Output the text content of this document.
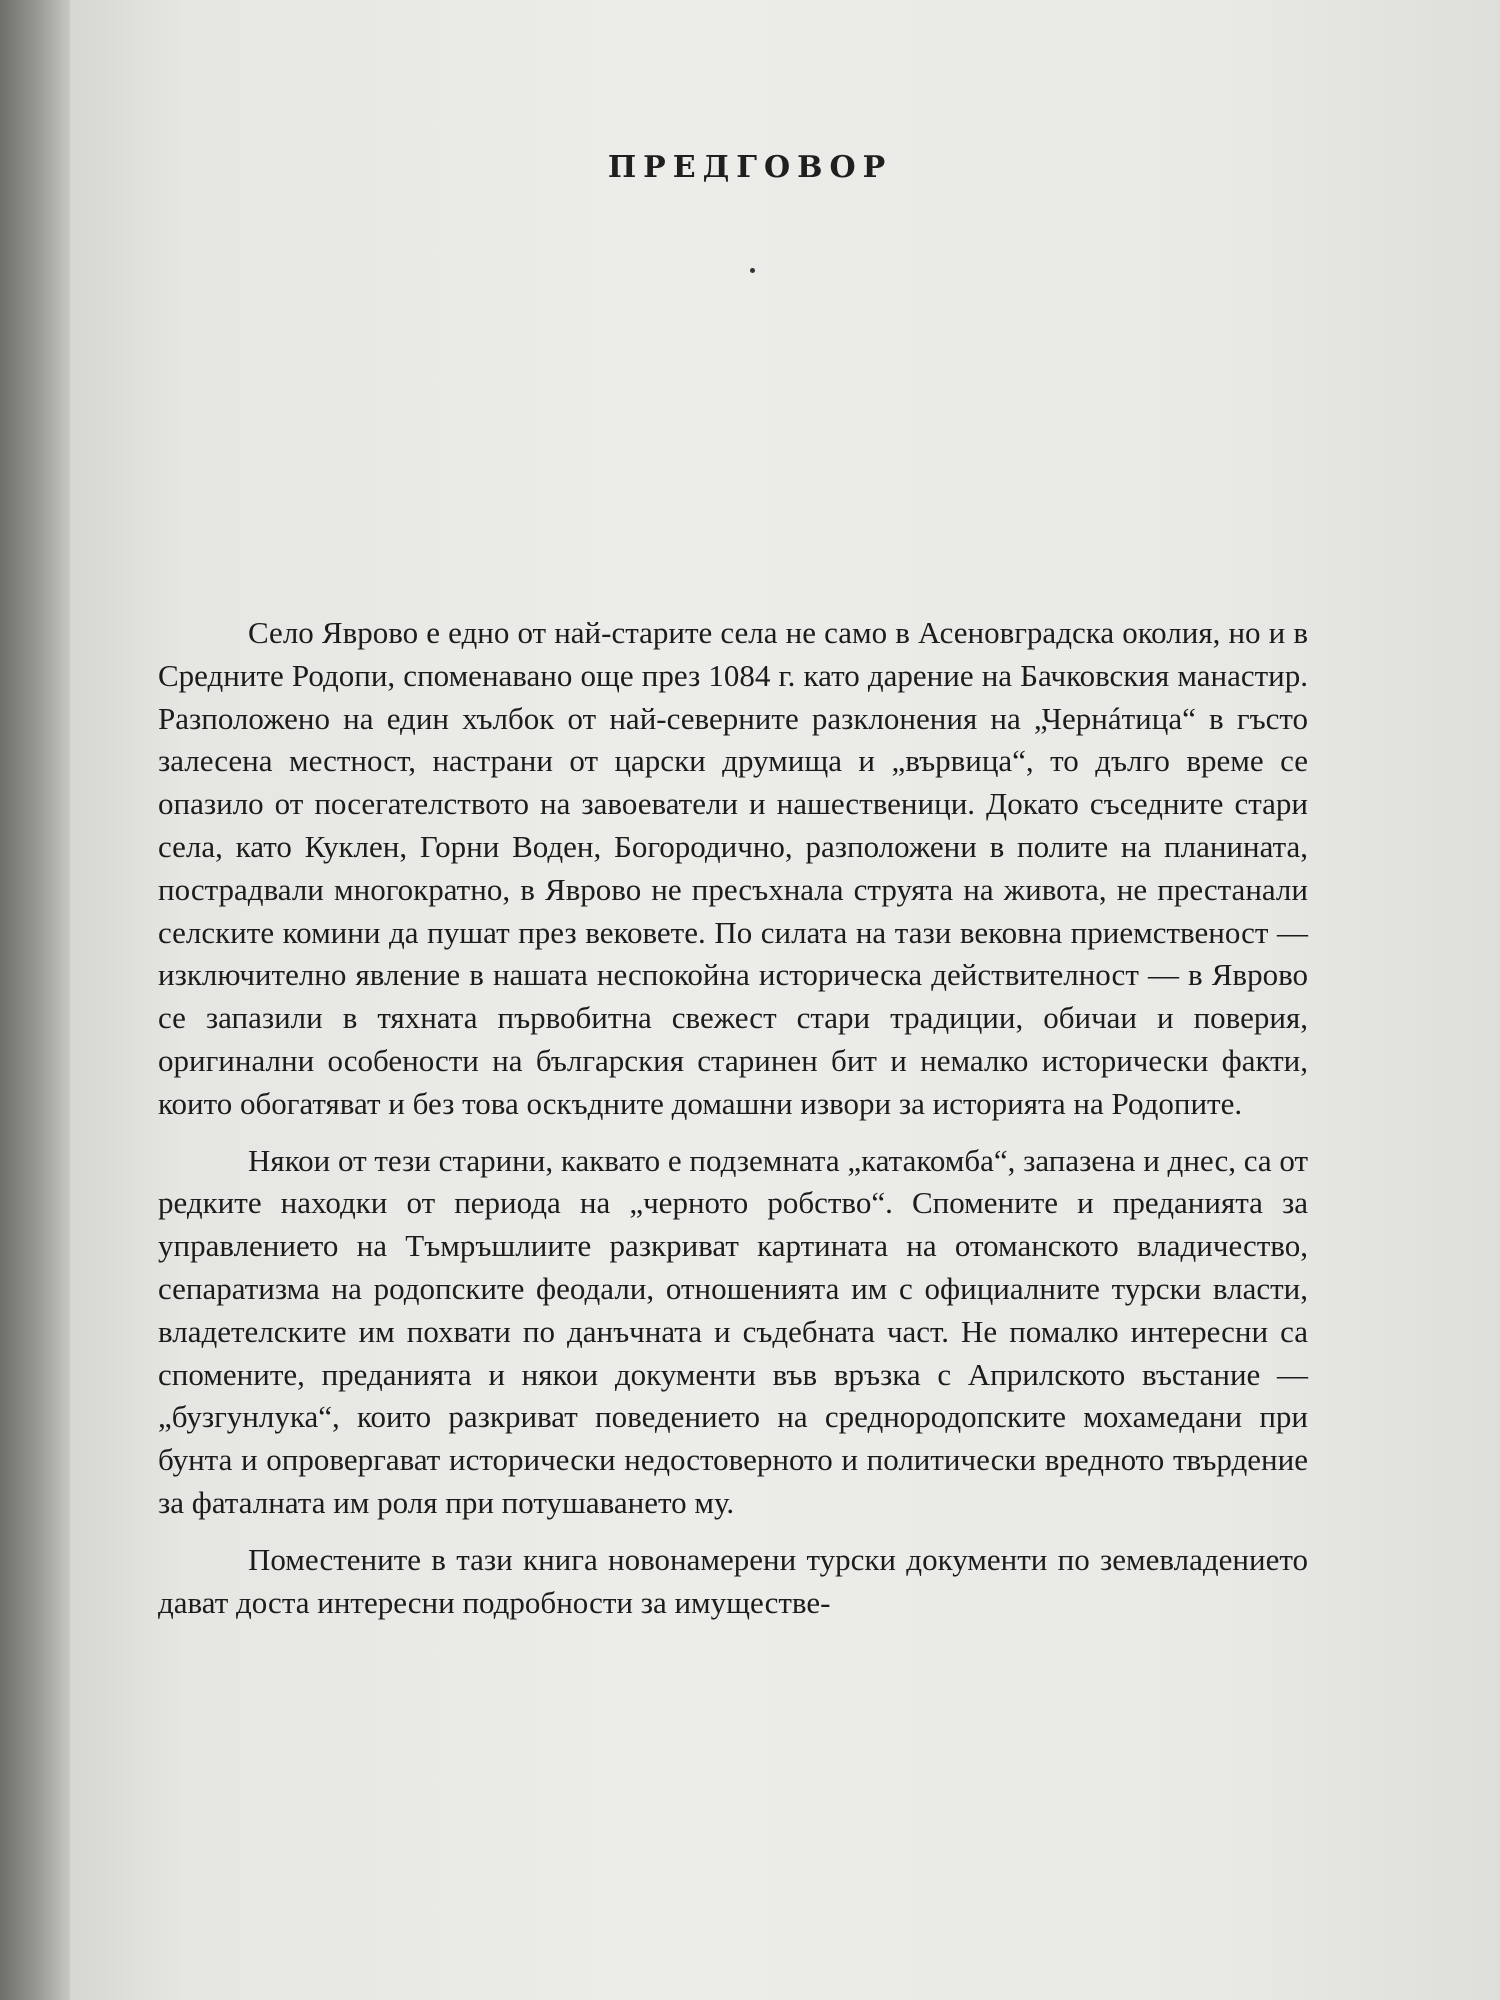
ПРЕДГОВОР

Село Яврово е едно от най-старите села не само в Асеновградска околия, но и в Средните Родопи, споменавано още през 1084 г. като дарение на Бачковския манастир. Разположено на един хълбок от най-северните разклонения на „Чернáтица“ в гъсто залесена местност, настрани от царски друмища и „вървица“, то дълго време се опазило от посегателството на завоеватели и нашественици. Докато съседните стари села, като Куклен, Горни Воден, Богородично, разположени в полите на планината, пострадвали многократно, в Яврово не пресъхнала струята на живота, не престанали селските комини да пушат през вековете. По силата на тази вековна приемственост — изключително явление в нашата неспокойна историческа действителност — в Яврово се запазили в тяхната първобитна свежест стари традиции, обичаи и поверия, оригинални особености на българския старинен бит и немалко исторически факти, които обогатяват и без това оскъдните домашни извори за историята на Родопите.

Някои от тези старини, каквато е подземната „катакомба“, запазена и днес, са от редките находки от периода на „черното робство“. Спомените и преданията за управлението на Тъмръшлиите разкриват картината на отоманското владичество, сепаратизма на родопските феодали, отношенията им с официалните турски власти, владетелските им похвати по данъчната и съдебната част. Не помалко интересни са спомените, преданията и някои документи във връзка с Априлското въстание — „бузгунлука“, които разкриват поведението на среднородопските мохамедани при бунта и опровергават исторически недостоверното и политически вредното твърдение за фаталната им роля при потушаването му.

Поместените в тази книга новонамерени турски документи по земевладението дават доста интересни подробности за имуществе-
